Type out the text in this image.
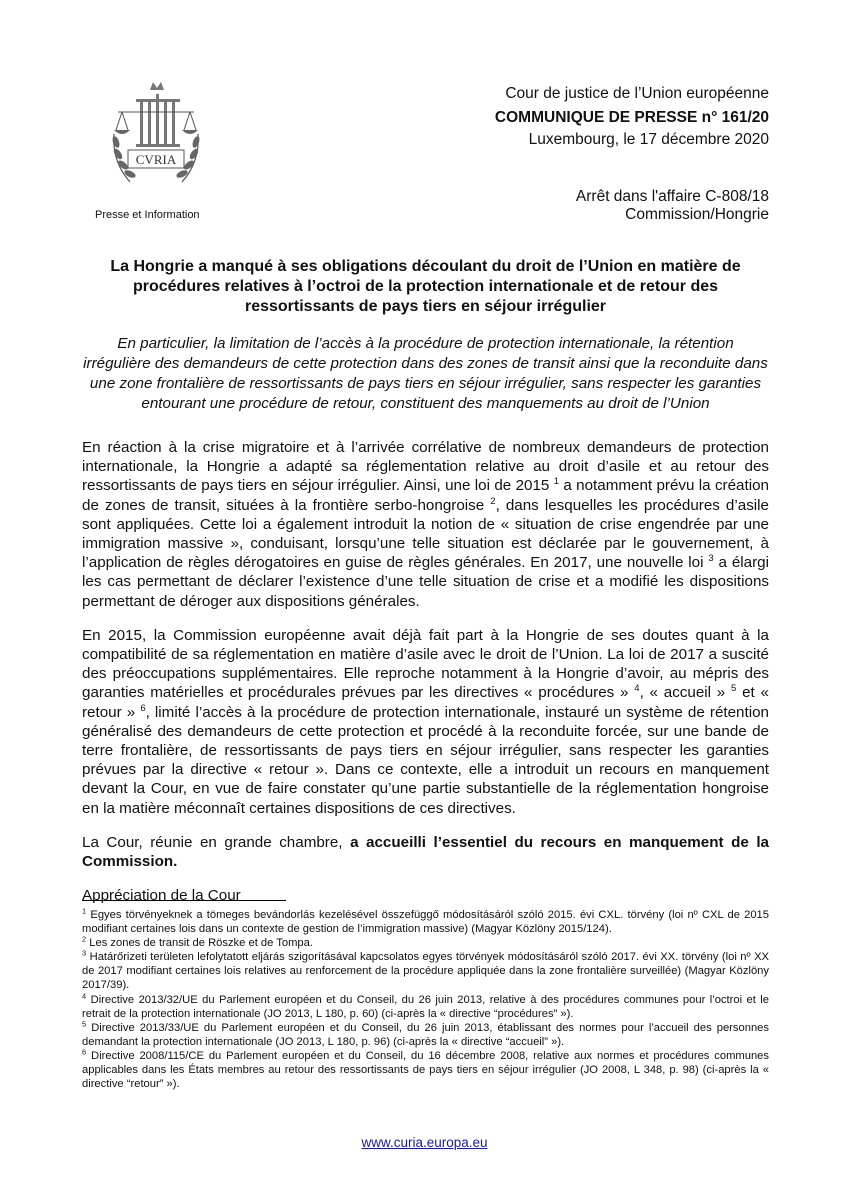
CVRIA
Presse et Information
Cour de justice de l’Union européenne
COMMUNIQUE DE PRESSE n° 161/20
Luxembourg, le 17 décembre 2020
Arrêt dans l'affaire C-808/18
Commission/Hongrie
La Hongrie a manqué à ses obligations découlant du droit de l’Union en matière de procédures relatives à l’octroi de la protection internationale et de retour des ressortissants de pays tiers en séjour irrégulier
En particulier, la limitation de l’accès à la procédure de protection internationale, la rétention irrégulière des demandeurs de cette protection dans des zones de transit ainsi que la reconduite dans une zone frontalière de ressortissants de pays tiers en séjour irrégulier, sans respecter les garanties entourant une procédure de retour, constituent des manquements au droit de l’Union

En réaction à la crise migratoire et à l’arrivée corrélative de nombreux demandeurs de protection internationale, la Hongrie a adapté sa réglementation relative au droit d’asile et au retour des ressortissants de pays tiers en séjour irrégulier. Ainsi, une loi de 2015 $^1$ a notamment prévu la création de zones de transit, situées à la frontière serbo-hongroise $^2$, dans lesquelles les procédures d’asile sont appliquées. Cette loi a également introduit la notion de « situation de crise engendrée par une immigration massive », conduisant, lorsqu’une telle situation est déclarée par le gouvernement, à l’application de règles dérogatoires en guise de règles générales. En 2017, une nouvelle loi $^3$ a élargi les cas permettant de déclarer l’existence d’une telle situation de crise et a modifié les dispositions permettant de déroger aux dispositions générales.

En 2015, la Commission européenne avait déjà fait part à la Hongrie de ses doutes quant à la compatibilité de sa réglementation en matière d’asile avec le droit de l’Union. La loi de 2017 a suscité des préoccupations supplémentaires. Elle reproche notamment à la Hongrie d’avoir, au mépris des garanties matérielles et procédurales prévues par les directives « procédures » $^4$, « accueil » $^5$ et « retour » $^6$, limité l’accès à la procédure de protection internationale, instauré un système de rétention généralisé des demandeurs de cette protection et procédé à la reconduite forcée, sur une bande de terre frontalière, de ressortissants de pays tiers en séjour irrégulier, sans respecter les garanties prévues par la directive « retour ». Dans ce contexte, elle a introduit un recours en manquement devant la Cour, en vue de faire constater qu’une partie substantielle de la réglementation hongroise en la matière méconnaît certaines dispositions de ces directives.

La Cour, réunie en grande chambre, a accueilli l’essentiel du recours en manquement de la Commission.

Appréciation de la Cour

$^1$ Egyes törvényeknek a tömeges bevándorlás kezelésével összefüggő módosításáról szóló 2015. évi CXL. törvény (loi nº CXL de 2015 modifiant certaines lois dans un contexte de gestion de l’immigration massive) (Magyar Közlöny 2015/124).

$^2$ Les zones de transit de Röszke et de Tompa.

$^3$ Határőrizeti területen lefolytatott eljárás szigorításával kapcsolatos egyes törvények módosításáról szóló 2017. évi XX. törvény (loi nº XX de 2017 modifiant certaines lois relatives au renforcement de la procédure appliquée dans la zone frontalière surveillée) (Magyar Közlöny 2017/39).

$^4$ Directive 2013/32/UE du Parlement européen et du Conseil, du 26 juin 2013, relative à des procédures communes pour l’octroi et le retrait de la protection internationale (JO 2013, L 180, p. 60) (ci-après la « directive “procédures” »).

$^5$ Directive 2013/33/UE du Parlement européen et du Conseil, du 26 juin 2013, établissant des normes pour l’accueil des personnes demandant la protection internationale (JO 2013, L 180, p. 96) (ci-après la « directive “accueil” »).

$^6$ Directive 2008/115/CE du Parlement européen et du Conseil, du 16 décembre 2008, relative aux normes et procédures communes applicables dans les États membres au retour des ressortissants de pays tiers en séjour irrégulier (JO 2008, L 348, p. 98) (ci-après la « directive “retour” »).

www.curia.europa.eu
